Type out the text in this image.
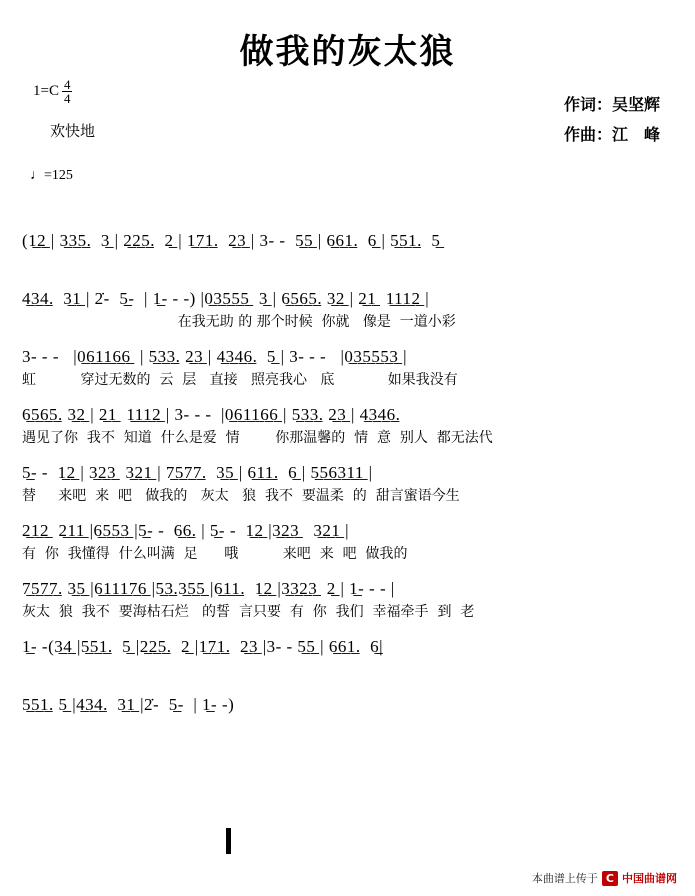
做我的灰太狼
$1=C \frac{4}{4}$
欢快地
♩=125
作词：吴坚辉
作曲：江　峰
(1̲2̲ | 3̲3̲5̲.  3̲ | 2̲2̲5̲.  2̲ | 1̲7̲1̲.  2̲3̲ | 3- -  5̲5̲ | 6̲6̲1̲.  6̲ | 5̲5̲1̲.  5̲
4̲3̲4̲.  3̲1̲ | 2̇-  5̲-  | 1̲- - -) |0̲3̲5̲5̲5̲  3̲ | 6̲5̲6̲5̲. 3̲2̲ | 2̲1̲  1̲1̲1̲2̲ |
在我无助 的 那个时候  你就   像是  一道小彩
3- - -   |0̲6̲1̲1̲6̲6̲  | 5̲3̲3̲. 2̲3̲ | 4̲3̲4̲6̲.  5̲ | 3- - -   |0̲3̲5̲5̲5̲3̲ |
虹          穿过无数的  云  层   直接   照亮我心   底            如果我没有
6̲5̲6̲5̲. 3̲2̲ | 2̲1̲  1̲1̲1̲2̲ | 3- - -  |0̲6̲1̲1̲6̲6̲ | 5̲3̲3̲. 2̲3̲ | 4̲3̲4̲6̲.
遇见了你  我不  知道  什么是爱  情        你那温馨的  情  意  别人  都无法代
5̲- -  1̲2̲ | 3̲2̲3̲  3̲2̲1̲ | 7̲5̲7̲7̲.  3̲5̲ | 6̲1̲1̲.  6̲ | 5̲5̲6̲3̲1̲1̲ |
替     来吧  来  吧   做我的   灰太   狼  我不  要温柔  的  甜言蜜语今生
2̲1̲2̲  2̲1̲1̲ |6̲5̲5̲3̲ |5̲- -  6̲6̲. | 5̲- -  1̲2̲ |3̲2̲3̲   3̲2̲1̲ |
有  你  我懂得  什么叫满  足      哦          来吧  来  吧  做我的
7̲5̲7̲7̲. 3̲5̲ |6̲1̲1̲1̲7̲6̲ |5̲3̲.3̲5̲5̲ |6̲1̲1̲.  1̲2̲ |3̲3̲2̲3̲  2̲ | 1̲- - - |
灰太  狼  我不  要海枯石烂   的誓  言只要  有  你  我们  幸福牵手  到  老
1̲- -(3̲4̲ |5̲5̲1̲.  5̲ |2̲2̲5̲.  2̲ |1̲7̲1̲.  2̲3̲ |3- - 5̲5̲ | 6̲6̲1̲.  6̲|
5̲5̲1̲. 5̲ |4̲3̲4̲.  3̲1̲ |2̇-  5̲-  | 1̲- -)
本曲谱上传于 C 中国曲谱网
